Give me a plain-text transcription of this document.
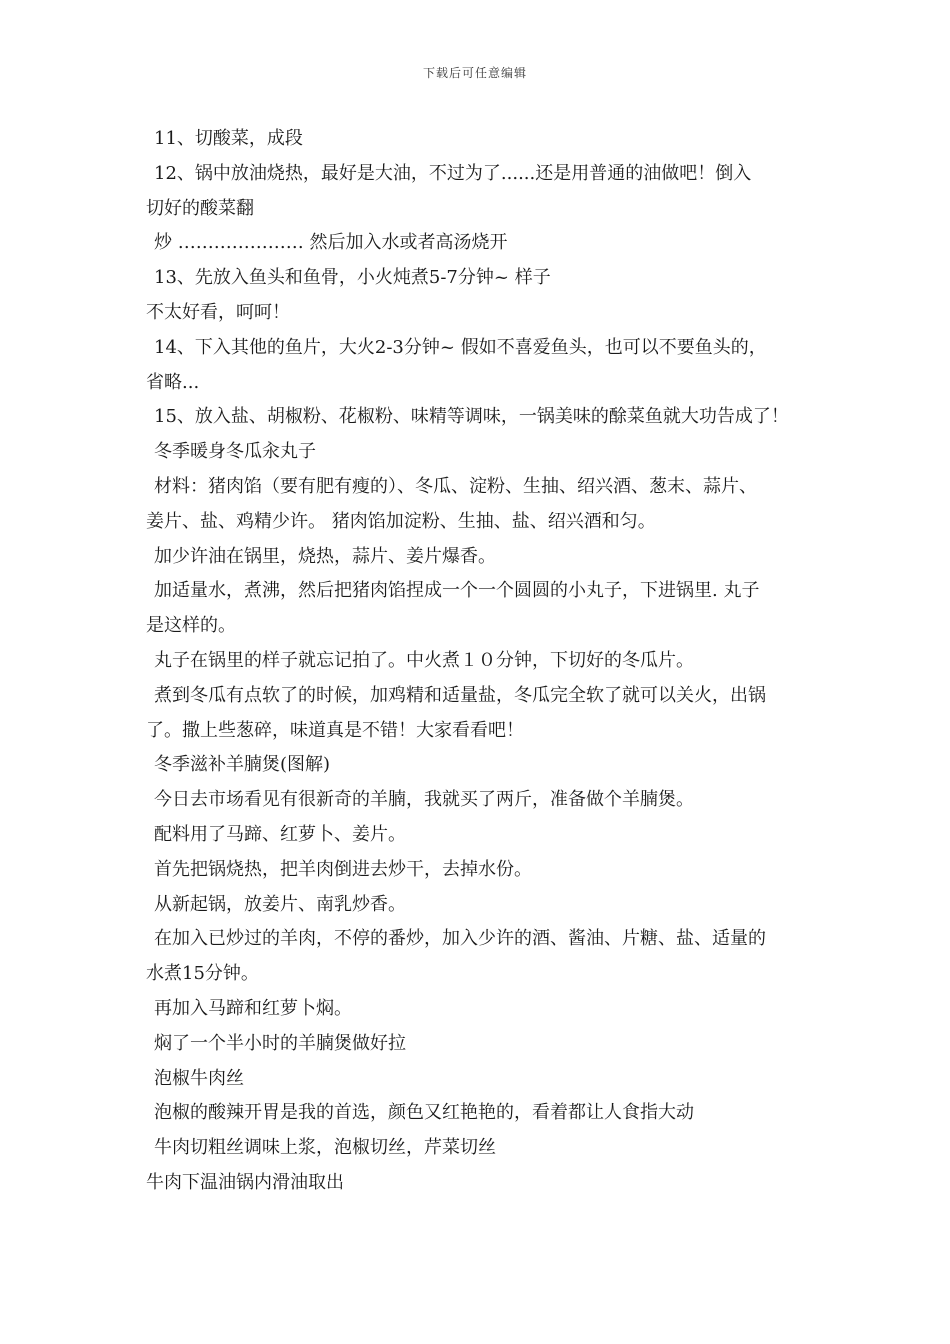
下载后可任意编辑
11、切酸菜，成段
12、锅中放油烧热，最好是大油，不过为了......还是用普通的油做吧！倒入
切好的酸菜翻
炒 ………………… 然后加入水或者高汤烧开
13、先放入鱼头和鱼骨，小火炖煮5-7分钟~ 样子
不太好看，呵呵！
14、下入其他的鱼片，大火2-3分钟~ 假如不喜爱鱼头，也可以不要鱼头的，
省略...
15、放入盐、胡椒粉、花椒粉、味精等调味，一锅美味的酴菜鱼就大功告成了！
冬季暖身冬瓜汆丸子
材料：猪肉馅（要有肥有瘦的）、冬瓜、淀粉、生抽、绍兴酒、葱末、蒜片、
姜片、盐、鸡精少许。 猪肉馅加淀粉、生抽、盐、绍兴酒和匀。
加少许油在锅里，烧热，蒜片、姜片爆香。
加适量水，煮沸，然后把猪肉馅捏成一个一个圆圆的小丸子，下进锅里. 丸子
是这样的。
丸子在锅里的样子就忘记拍了。中火煮１０分钟，下切好的冬瓜片。
煮到冬瓜有点软了的时候，加鸡精和适量盐，冬瓜完全软了就可以关火，出锅
了。撒上些葱碎，味道真是不错！大家看看吧！
冬季滋补羊腩煲(图解)
今日去市场看见有很新奇的羊腩，我就买了两斤，准备做个羊腩煲。
配料用了马蹄、红萝卜、姜片。
首先把锅烧热，把羊肉倒进去炒干，去掉水份。
从新起锅，放姜片、南乳炒香。
在加入已炒过的羊肉，不停的番炒，加入少许的酒、酱油、片糖、盐、适量的
水煮15分钟。
再加入马蹄和红萝卜焖。
焖了一个半小时的羊腩煲做好拉
泡椒牛肉丝
泡椒的酸辣开胃是我的首选，颜色又红艳艳的，看着都让人食指大动
牛肉切粗丝调味上浆，泡椒切丝，芹菜切丝
牛肉下温油锅内滑油取出
